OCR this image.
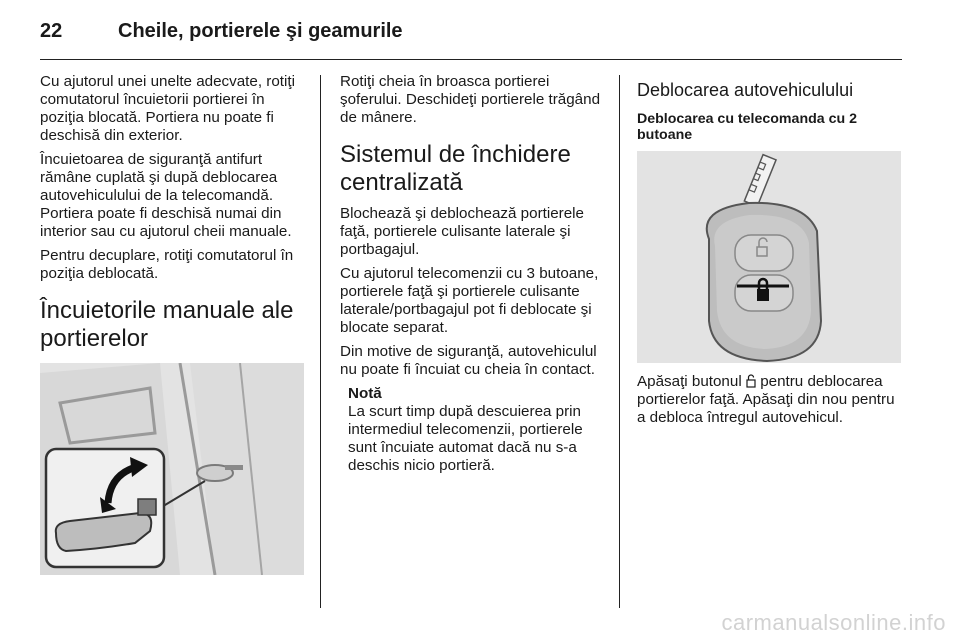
22	Cheile, portierele şi geamurile

Cu ajutorul unei unelte adecvate, rotiţi comutatorul încuietorii portierei în poziţia blocată. Portiera nu poate fi deschisă din exterior.

Încuietoarea de siguranţă antifurt rămâne cuplată şi după deblocarea autovehiculului de la telecomandă. Portiera poate fi deschisă numai din interior sau cu ajutorul cheii manuale.

Pentru decuplare, rotiţi comutatorul în poziţia deblocată.

Încuietorile manuale ale portierelor

Rotiţi cheia în broasca portierei şoferului. Deschideţi portierele trăgând de mânere.

Sistemul de închidere centralizată

Blochează şi deblochează portierele faţă, portierele culisante laterale şi portbagajul.

Cu ajutorul telecomenzii cu 3 butoane, portierele faţă şi portierele culisante laterale/portbagajul pot fi deblocate şi blocate separat.

Din motive de siguranţă, autovehiculul nu poate fi încuiat cu cheia în contact.

Notă

La scurt timp după descuierea prin intermediul telecomenzii, portierele sunt încuiate automat dacă nu s-a deschis nicio portieră.

Deblocarea autovehiculului
Deblocarea cu telecomanda cu 2 butoane

Apăsaţi butonul pentru deblocarea portierelor faţă. Apăsaţi din nou pentru a debloca întregul autovehicul.

carmanualsonline.info
